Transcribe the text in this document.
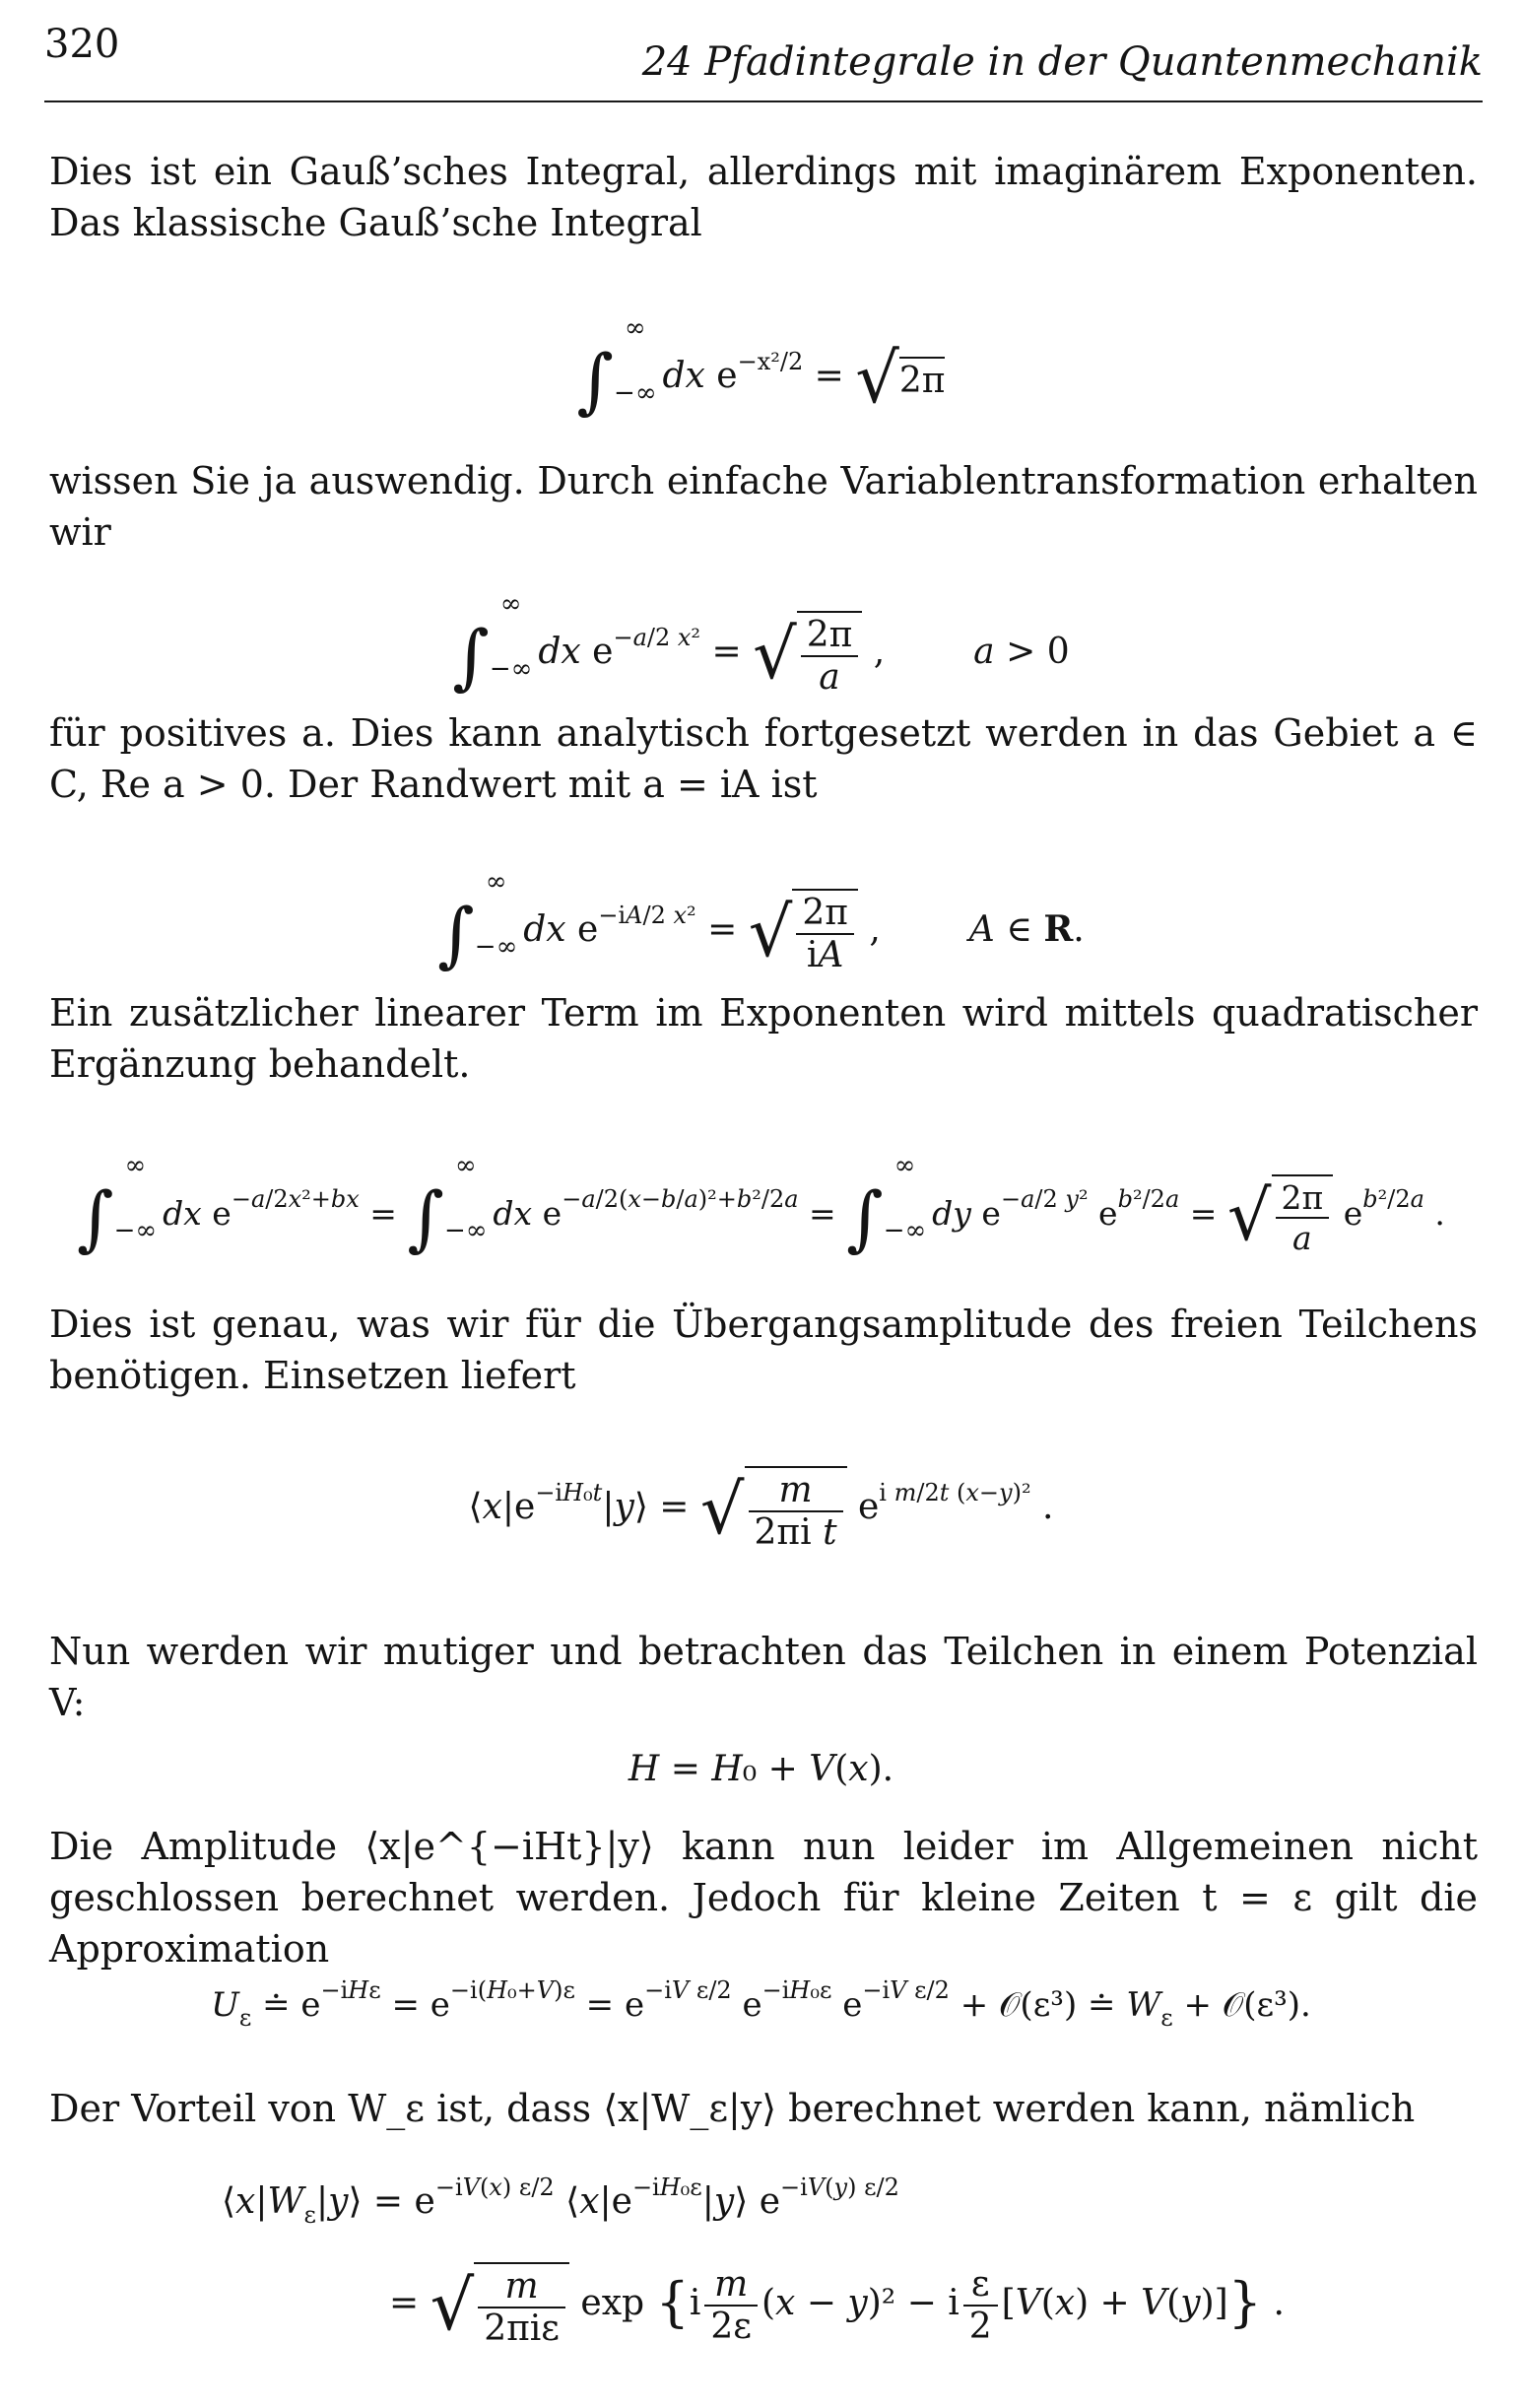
320	24 Pfadintegrale in der Quantenmechanik
Dies ist ein Gauß’sches Integral, allerdings mit imaginärem Exponenten. Das klassische Gauß’sche Integral
∫
∞
−∞ dx $e^{-x^2/2} = √2\pi$
wissen Sie ja auswendig. Durch einfache Variablentransformation erhalten wir
∫
∞
−∞ dx $e^{-a/2 x^2}$ = √ $\frac{2\pi}{a}$ ,	a > 0
für positives a. Dies kann analytisch fortgesetzt werden in das Gebiet a ∈ C, Re a > 0. Der Randwert mit a = iA ist
∫
∞
−∞ dx $e^{-iA/2 x^2}$ = √ $\frac{2\pi}{iA}$ ,	A ∈ R.
Ein zusätzlicher linearer Term im Exponenten wird mittels quadratischer Ergänzung behandelt.
∫
∞
−∞ dx $e^{-a/2x^2+bx}$ = ∫
∞
−∞ dx $e^{-a/2(x-b/a)^2+b^2/2a}$ = ∫
∞
−∞ dy $e^{-a/2 y^2}$ $e^{b^2/2a}$ = √ $\frac{2\pi}{a} e^{b^2/2a}$ .
Dies ist genau, was wir für die Übergangsamplitude des freien Teilchens benötigen. Einsetzen liefert
$⟨x|e^{-iH_0t}|y⟩$ = √ $\frac{m}{\text{2πi t}} e^{i m/2t (x-y)^2}$ .
Nun werden wir mutiger und betrachten das Teilchen in einem Potenzial V:
H = H₀ + V(x).
Die Amplitude ⟨x|e^{−iHt}|y⟩ kann nun leider im Allgemeinen nicht geschlossen berechnet werden. Jedoch für kleine Zeiten t = ε gilt die Approximation
$U_\varepsilon$ ≐ $e^{-iH\varepsilon} = e^{-i(H_0+V)\varepsilon} = e^{-iV \varepsilon/2}$ $e^{-iH_0\varepsilon}$ $e^{-iV \varepsilon/2}$ + 𝒪(ε³) ≐ $W_\varepsilon$ + 𝒪(ε³).
Der Vorteil von W_ε ist, dass ⟨x|W_ε|y⟩ berechnet werden kann, nämlich
$⟨x|W_\varepsilon|y⟩ = e^{-iV(x) \varepsilon/2}$ $⟨x|e^{-iH_0\varepsilon}|y⟩$ $e^{-iV(y) \varepsilon/2}$
= √ $\frac{m}{\text{2πiε}}$ $\exp \{i \frac{m}{2\varepsilon} (x - y)^2 - i \frac{\varepsilon}{2} [V(x) + V(y)]\}$ .
